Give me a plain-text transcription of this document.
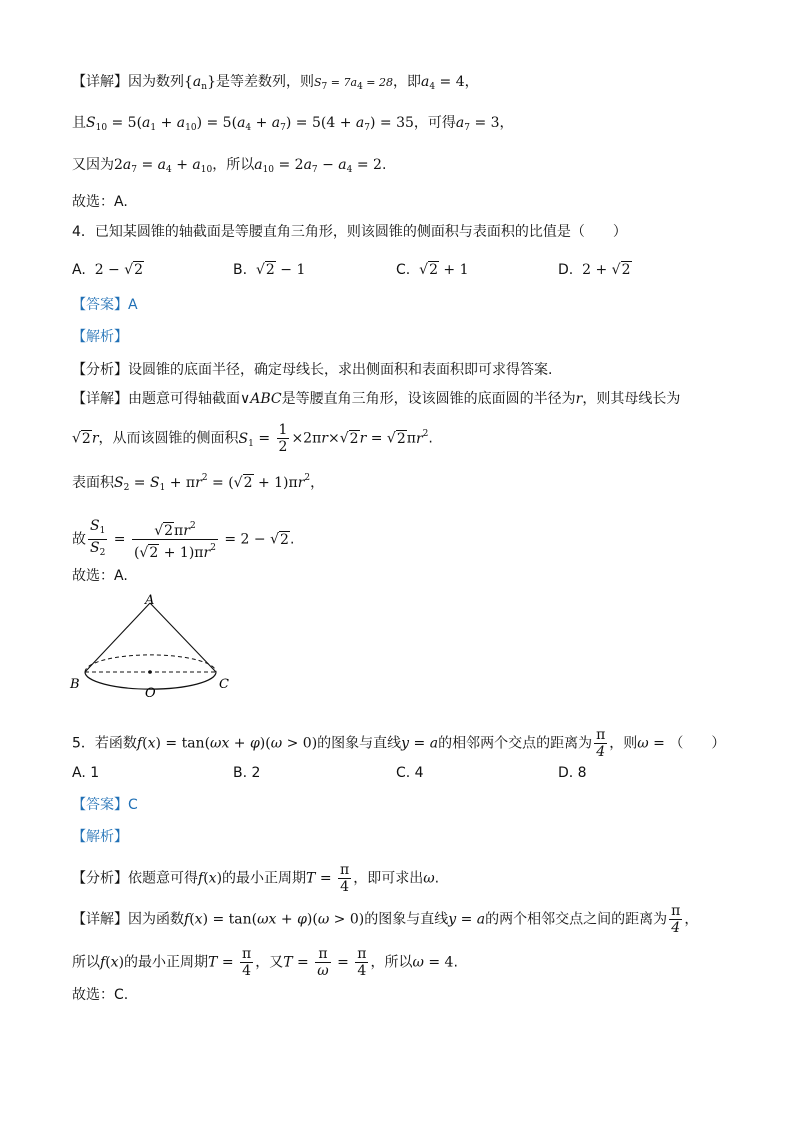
【详解】因为数列$\{a_n\}$是等差数列，则$S_7 = 7a_4 = 28$，即$a_4 = 4$，
且$S_{10} = 5(a_1 + a_{10}) = 5(a_4 + a_7) = 5(4 + a_7) = 35$，可得$a_7 = 3$，
又因为$2a_7 = a_4 + a_{10}$，所以$a_{10} = 2a_7 - a_4 = 2$.
故选：A.
4．已知某圆锥的轴截面是等腰直角三角形，则该圆锥的侧面积与表面积的比值是（　　）
A. 2 − √2	B. √2 − 1	C. √2 + 1	D. 2 + √2
【答案】A
【解析】
【分析】设圆锥的底面半径，确定母线长，求出侧面积和表面积即可求得答案.
【详解】由题意可得轴截面∨ABC是等腰直角三角形，设该圆锥的底面圆的半径为r，则其母线长为
√2r，从而该圆锥的侧面积$S_1 = \frac{1}{2} \times 2\pi r\times√2r = √2\pi r^2$.
表面积$S_2 = S_1 + \pi r^2 = (√2 + 1)\pi r^2$，
故 $\frac{S_1}{S_2} = \frac{√2\pi r^2}{(√2 + 1)\pi r^2} = 2 - √2$.
故选：A.
A
B	C
O
5．若函数f(x) = tan(ωx + φ)(ω > 0)的图象与直线y = a的相邻两个交点的距离为 $\frac{\pi}{4}$ ，则ω = （　　）
A. 1	B. 2	C. 4	D. 8
【答案】C
【解析】
【分析】依题意可得f(x)的最小正周期$T = \frac{\pi}{4}$ ，即可求出ω.
【详解】因为函数f(x) = tan(ωx + φ)(ω > 0)的图象与直线y = a的两个相邻交点之间的距离为 $\frac{\pi}{4}$ ，
所以f(x)的最小正周期$T = \frac{\pi}{4}$ ，又$T = \frac{\pi}{\omega} = \frac{\pi}{4}$ ，所以ω = 4.
故选：C.
